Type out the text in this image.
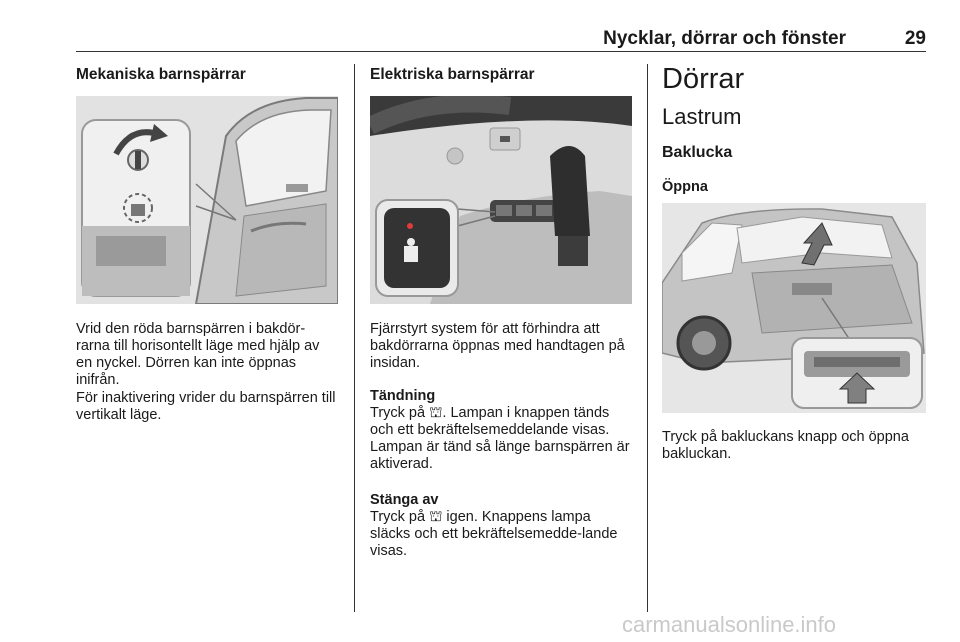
Nycklar, dörrar och fönster	29
Mekaniska barnspärrar
Vrid den röda barnspärren i bakdör-rarna till horisontellt läge med hjälp av en nyckel. Dörren kan inte öppnas inifrån.
För inaktivering vrider du barnspärren till vertikalt läge.
Elektriska barnspärrar
Fjärrstyrt system för att förhindra att bakdörrarna öppnas med handtagen på insidan.
Tändning
Tryck på ⛫. Lampan i knappen tänds och ett bekräftelsemeddelande visas. Lampan är tänd så länge barnspärren är aktiverad.
Stänga av
Tryck på ⛫ igen. Knappens lampa släcks och ett bekräftelsemedde-lande visas.
Dörrar
Lastrum
Baklucka
Öppna
Tryck på bakluckans knapp och öppna bakluckan.
carmanualsonline.info
